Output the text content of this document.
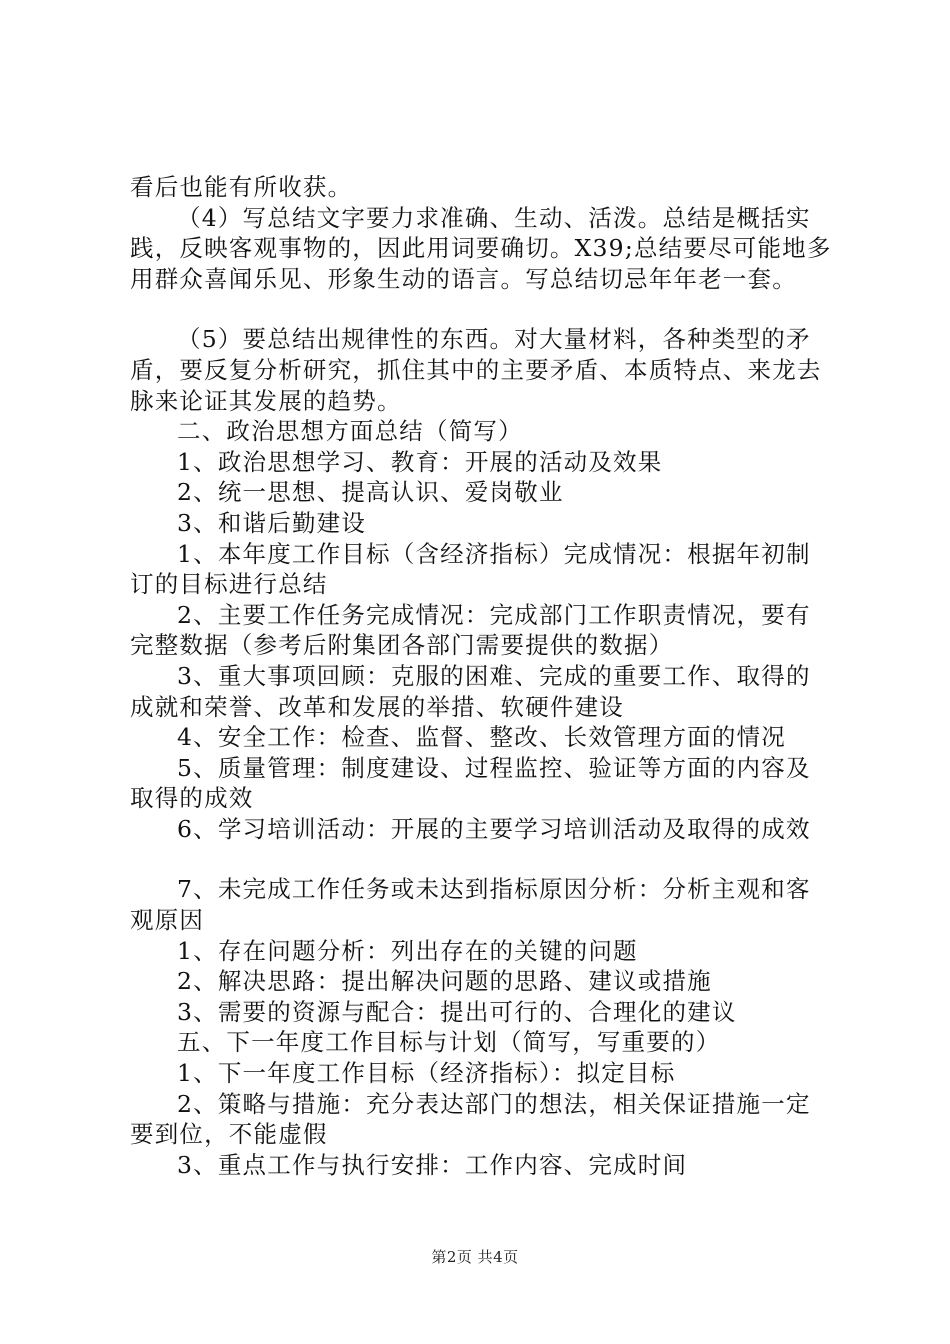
看后也能有所收获。

（4）写总结文字要力求准确、生动、活泼。总结是概括实践，反映客观事物的，因此用词要确切。X39;总结要尽可能地多用群众喜闻乐见、形象生动的语言。写总结切忌年年老一套。

（5）要总结出规律性的东西。对大量材料，各种类型的矛盾，要反复分析研究，抓住其中的主要矛盾、本质特点、来龙去脉来论证其发展的趋势。

二、政治思想方面总结（简写）

1、政治思想学习、教育：开展的活动及效果

2、统一思想、提高认识、爱岗敬业

3、和谐后勤建设

1、本年度工作目标（含经济指标）完成情况：根据年初制订的目标进行总结

2、主要工作任务完成情况：完成部门工作职责情况，要有完整数据（参考后附集团各部门需要提供的数据）

3、重大事项回顾：克服的困难、完成的重要工作、取得的成就和荣誉、改革和发展的举措、软硬件建设

4、安全工作：检查、监督、整改、长效管理方面的情况

5、质量管理：制度建设、过程监控、验证等方面的内容及取得的成效

6、学习培训活动：开展的主要学习培训活动及取得的成效

7、未完成工作任务或未达到指标原因分析：分析主观和客观原因

1、存在问题分析：列出存在的关键的问题

2、解决思路：提出解决问题的思路、建议或措施

3、需要的资源与配合：提出可行的、合理化的建议

五、下一年度工作目标与计划（简写，写重要的）

1、下一年度工作目标（经济指标）：拟定目标

2、策略与措施：充分表达部门的想法，相关保证措施一定要到位，不能虚假

3、重点工作与执行安排：工作内容、完成时间

第2页 共4页
